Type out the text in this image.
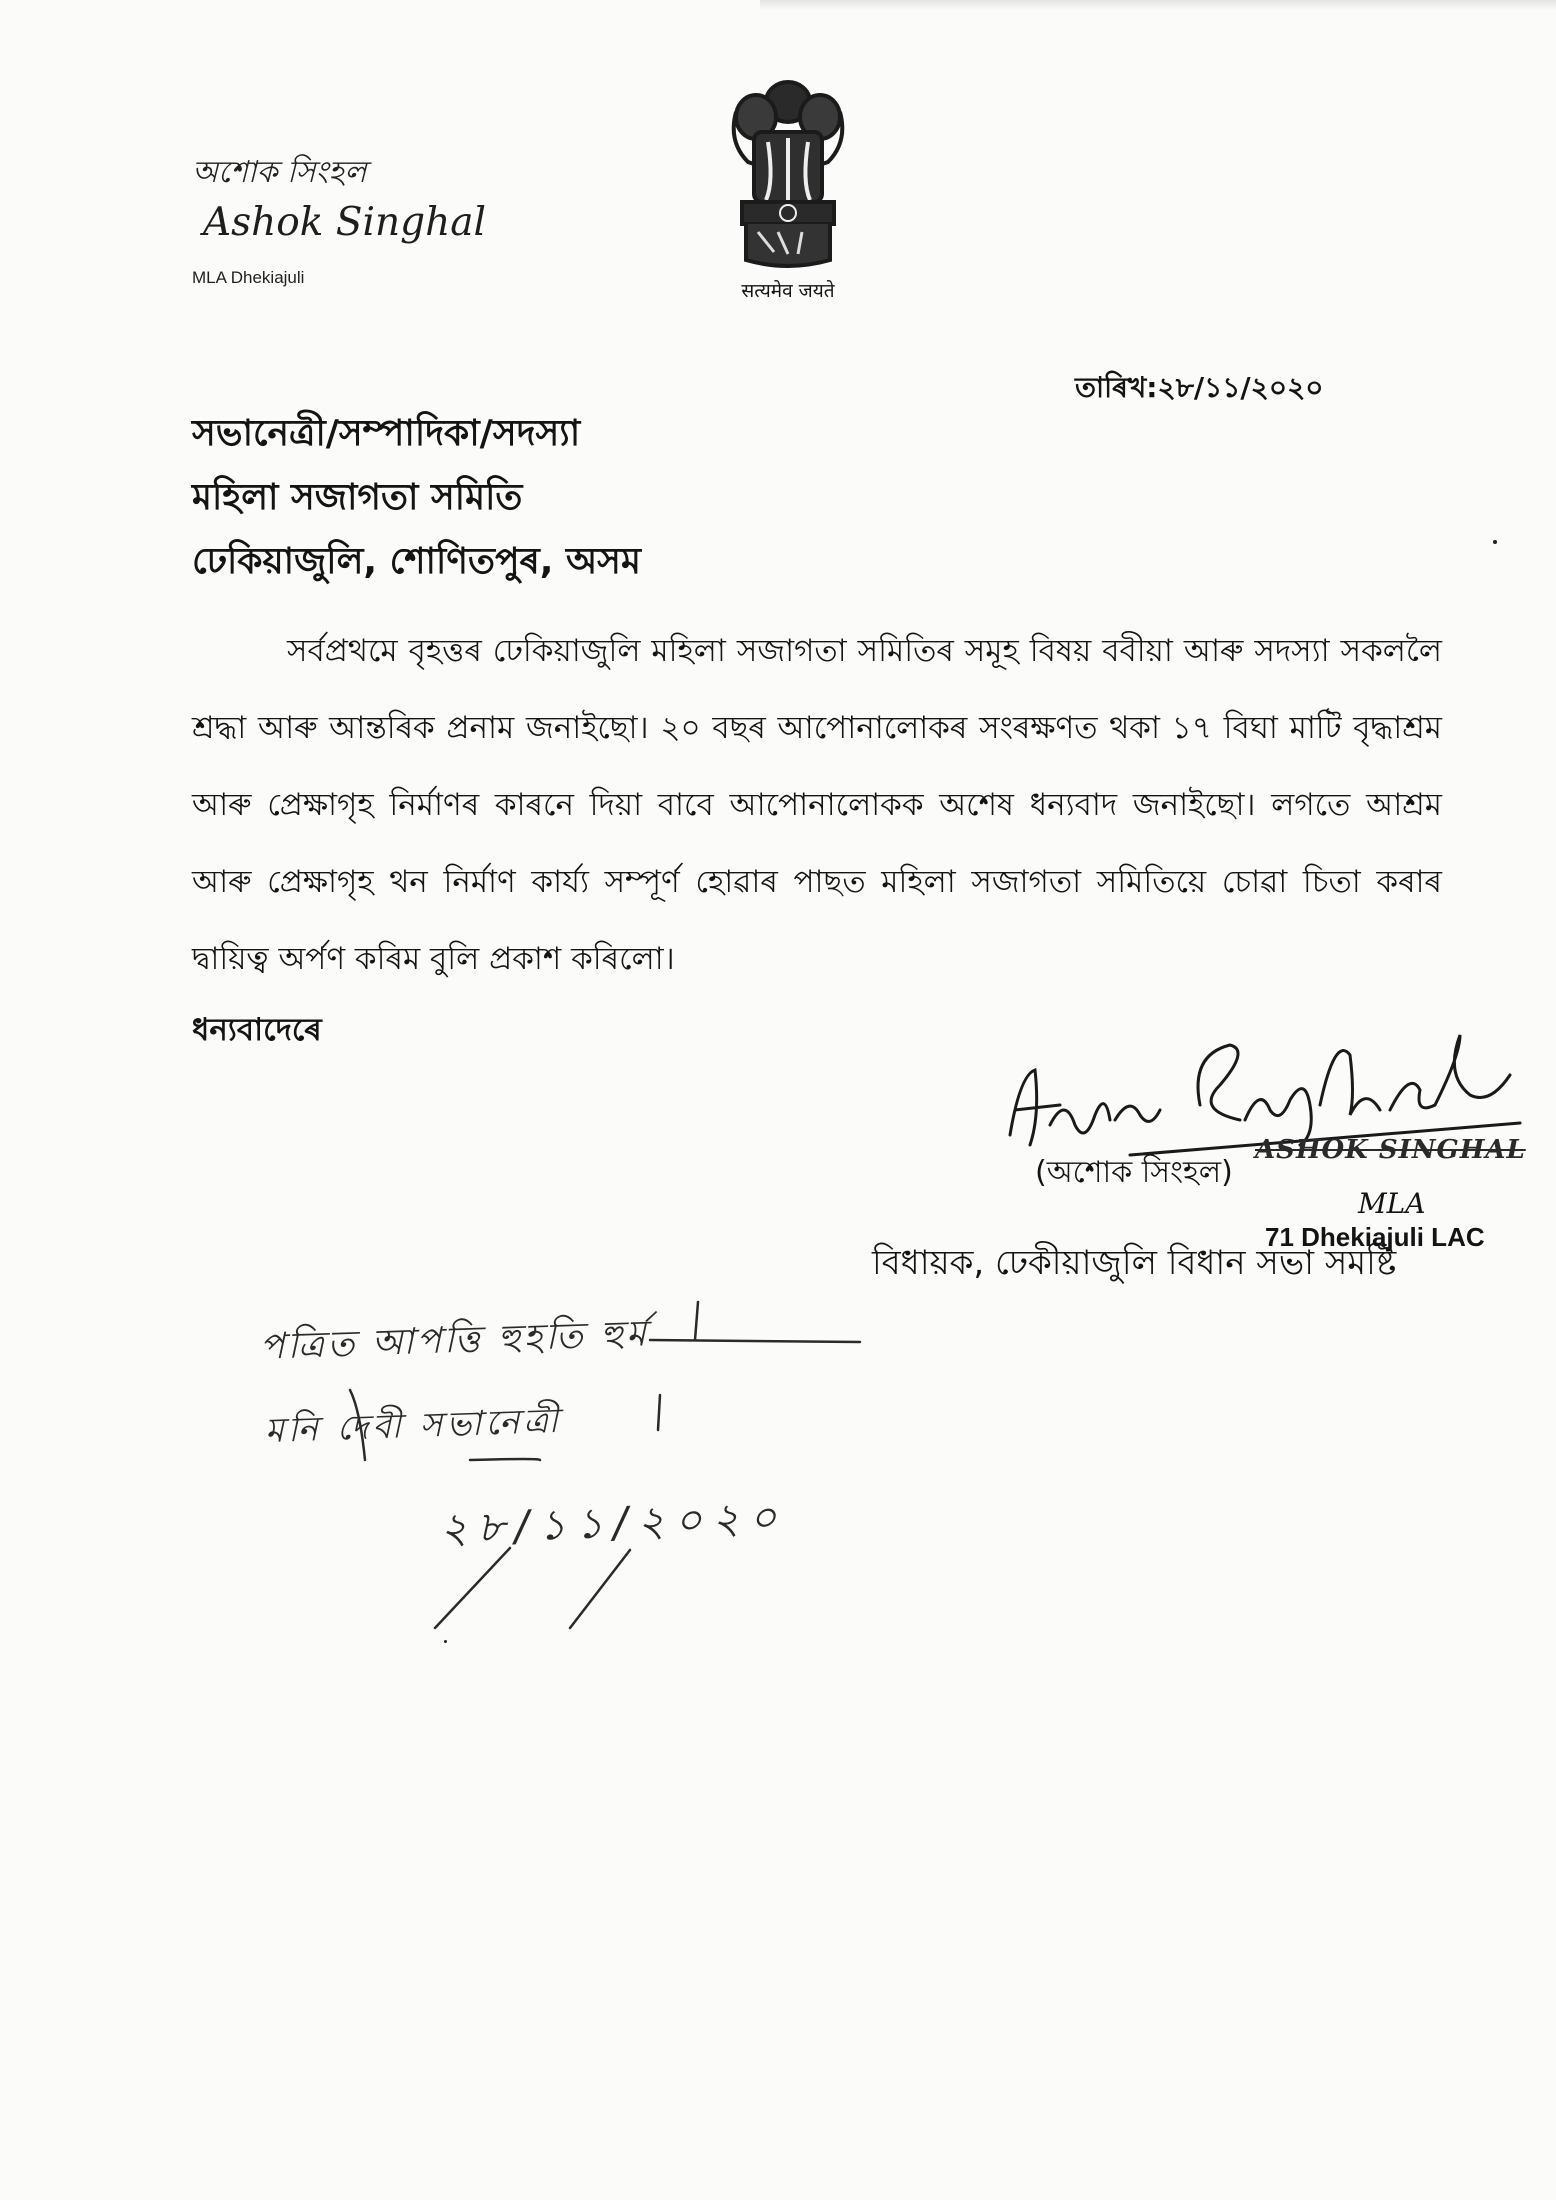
অশোক সিংহল
Ashok Singhal
MLA Dhekiajuli
सत्यमेव जयते
তাৰিখ:২৮/১১/২০২০
সভানেত্ৰী/সম্পাদিকা/সদস্যা
মহিলা সজাগতা সমিতি
ঢেকিয়াজুলি, শোণিতপুৰ, অসম

সৰ্বপ্ৰথমে বৃহত্তৰ ঢেকিয়াজুলি মহিলা সজাগতা সমিতিৰ সমূহ বিষয় ববীয়া আৰু সদস্যা সকললৈ শ্ৰদ্ধা আৰু আন্তৰিক প্ৰনাম জনাইছো। ২০ বছৰ আপোনালোকৰ সংৰক্ষণত থকা ১৭ বিঘা মাটি বৃদ্ধাশ্ৰম আৰু প্ৰেক্ষাগৃহ নিৰ্মাণৰ কাৰনে দিয়া বাবে আপোনালোকক অশেষ ধন্যবাদ জনাইছো। লগতে আশ্ৰম আৰু প্ৰেক্ষাগৃহ থন নিৰ্মাণ কাৰ্য্য সম্পূৰ্ণ হোৱাৰ পাছত মহিলা সজাগতা সমিতিয়ে চোৱা চিতা কৰাৰ দ্বায়িত্ব অৰ্পণ কৰিম বুলি প্ৰকাশ কৰিলো।

ধন্যবাদেৰে
ASHOK SINGHAL
(অশোক সিংহল)
MLA
71 Dhekiajuli LAC
বিধায়ক, ঢেকীয়াজুলি বিধান সভা সমষ্টি
পত্ৰিত আপত্তি হুহতি হুৰ্ম
মনি দেবী সভানেত্ৰী
২৮/১১/২০২০
